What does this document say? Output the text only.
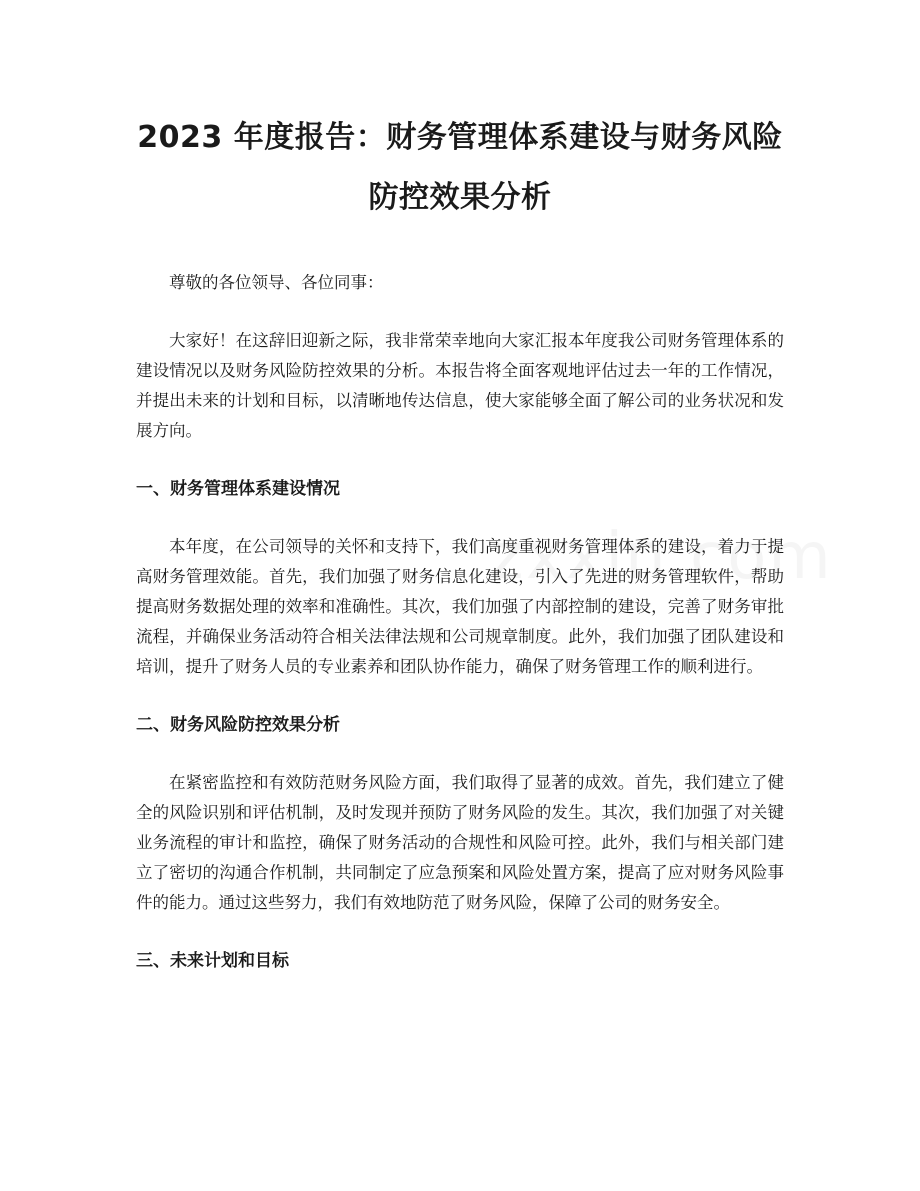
2023 年度报告：财务管理体系建设与财务风险防控效果分析

尊敬的各位领导、各位同事：

大家好！在这辞旧迎新之际，我非常荣幸地向大家汇报本年度我公司财务管理体系的建设情况以及财务风险防控效果的分析。本报告将全面客观地评估过去一年的工作情况，并提出未来的计划和目标，以清晰地传达信息，使大家能够全面了解公司的业务状况和发展方向。

一、财务管理体系建设情况

本年度，在公司领导的关怀和支持下，我们高度重视财务管理体系的建设，着力于提高财务管理效能。首先，我们加强了财务信息化建设，引入了先进的财务管理软件，帮助提高财务数据处理的效率和准确性。其次，我们加强了内部控制的建设，完善了财务审批流程，并确保业务活动符合相关法律法规和公司规章制度。此外，我们加强了团队建设和培训，提升了财务人员的专业素养和团队协作能力，确保了财务管理工作的顺利进行。

二、财务风险防控效果分析

在紧密监控和有效防范财务风险方面，我们取得了显著的成效。首先，我们建立了健全的风险识别和评估机制，及时发现并预防了财务风险的发生。其次，我们加强了对关键业务流程的审计和监控，确保了财务活动的合规性和风险可控。此外，我们与相关部门建立了密切的沟通合作机制，共同制定了应急预案和风险处置方案，提高了应对财务风险事件的能力。通过这些努力，我们有效地防范了财务风险，保障了公司的财务安全。

三、未来计划和目标
